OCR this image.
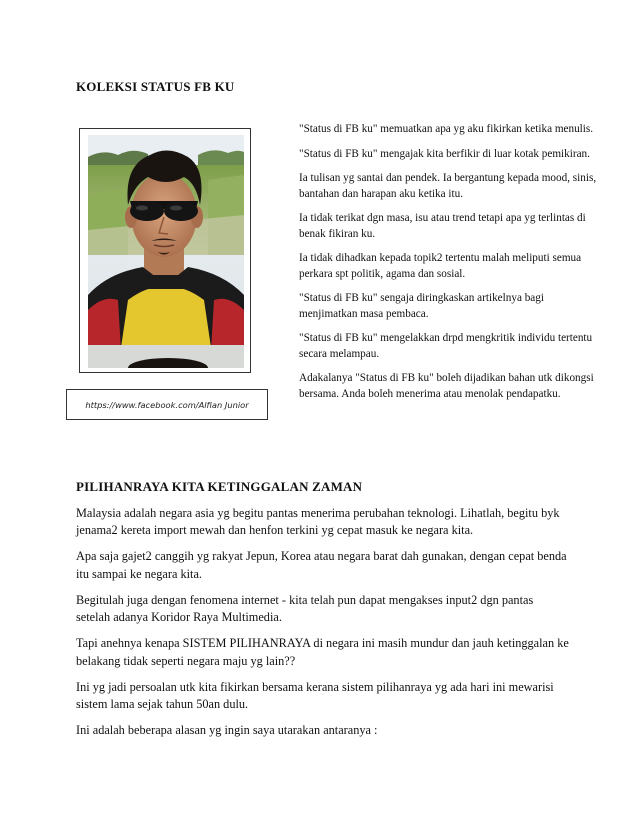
KOLEKSI STATUS FB KU
https://www.facebook.com/Alfian Junior

"Status di FB ku" memuatkan apa yg aku fikirkan ketika menulis.

"Status di FB ku" mengajak kita berfikir di luar kotak pemikiran.

Ia tulisan yg santai dan pendek. Ia bergantung kepada mood, sinis, bantahan dan harapan aku ketika itu.

Ia tidak terikat dgn masa, isu atau trend tetapi apa yg terlintas di benak fikiran ku.

Ia tidak dihadkan kepada topik2 tertentu malah meliputi semua perkara spt politik, agama dan sosial.

"Status di FB ku" sengaja diringkaskan artikelnya bagi menjimatkan masa pembaca.

"Status di FB ku" mengelakkan drpd mengkritik individu tertentu secara melampau.

Adakalanya "Status di FB ku" boleh dijadikan bahan utk dikongsi bersama. Anda boleh menerima atau menolak pendapatku.

PILIHANRAYA KITA KETINGGALAN ZAMAN

Malaysia adalah negara asia yg begitu pantas menerima perubahan teknologi. Lihatlah, begitu byk jenama2 kereta import mewah dan henfon terkini yg cepat masuk ke negara kita.

Apa saja gajet2 canggih yg rakyat Jepun, Korea atau negara barat dah gunakan, dengan cepat benda itu sampai ke negara kita.

Begitulah juga dengan fenomena internet - kita telah pun dapat mengakses input2 dgn pantas setelah adanya Koridor Raya Multimedia.

Tapi anehnya kenapa SISTEM PILIHANRAYA di negara ini masih mundur dan jauh ketinggalan ke belakang tidak seperti negara maju yg lain??

Ini yg jadi persoalan utk kita fikirkan bersama kerana sistem pilihanraya yg ada hari ini mewarisi sistem lama sejak tahun 50an dulu.

Ini adalah beberapa alasan yg ingin saya utarakan antaranya :
